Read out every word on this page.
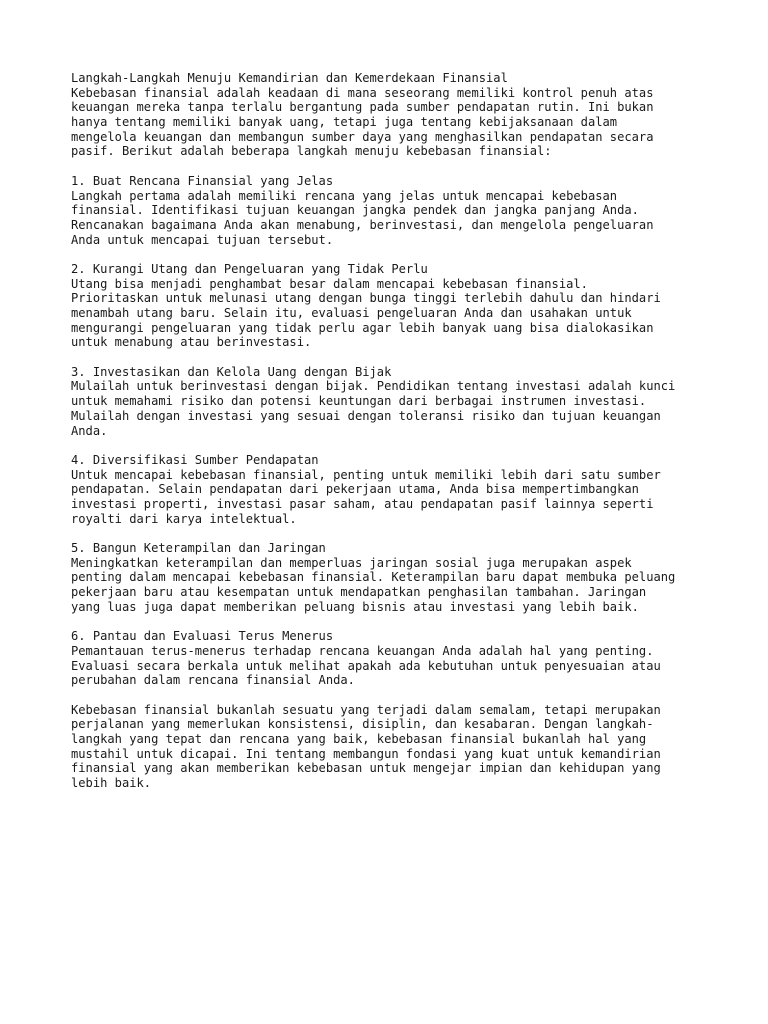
Langkah-Langkah Menuju Kemandirian dan Kemerdekaan Finansial
Kebebasan finansial adalah keadaan di mana seseorang memiliki kontrol penuh atas
keuangan mereka tanpa terlalu bergantung pada sumber pendapatan rutin. Ini bukan
hanya tentang memiliki banyak uang, tetapi juga tentang kebijaksanaan dalam
mengelola keuangan dan membangun sumber daya yang menghasilkan pendapatan secara
pasif. Berikut adalah beberapa langkah menuju kebebasan finansial:
1. Buat Rencana Finansial yang Jelas
Langkah pertama adalah memiliki rencana yang jelas untuk mencapai kebebasan
finansial. Identifikasi tujuan keuangan jangka pendek dan jangka panjang Anda.
Rencanakan bagaimana Anda akan menabung, berinvestasi, dan mengelola pengeluaran
Anda untuk mencapai tujuan tersebut.
2. Kurangi Utang dan Pengeluaran yang Tidak Perlu
Utang bisa menjadi penghambat besar dalam mencapai kebebasan finansial.
Prioritaskan untuk melunasi utang dengan bunga tinggi terlebih dahulu dan hindari
menambah utang baru. Selain itu, evaluasi pengeluaran Anda dan usahakan untuk
mengurangi pengeluaran yang tidak perlu agar lebih banyak uang bisa dialokasikan
untuk menabung atau berinvestasi.
3. Investasikan dan Kelola Uang dengan Bijak
Mulailah untuk berinvestasi dengan bijak. Pendidikan tentang investasi adalah kunci
untuk memahami risiko dan potensi keuntungan dari berbagai instrumen investasi.
Mulailah dengan investasi yang sesuai dengan toleransi risiko dan tujuan keuangan
Anda.
4. Diversifikasi Sumber Pendapatan
Untuk mencapai kebebasan finansial, penting untuk memiliki lebih dari satu sumber
pendapatan. Selain pendapatan dari pekerjaan utama, Anda bisa mempertimbangkan
investasi properti, investasi pasar saham, atau pendapatan pasif lainnya seperti
royalti dari karya intelektual.
5. Bangun Keterampilan dan Jaringan
Meningkatkan keterampilan dan memperluas jaringan sosial juga merupakan aspek
penting dalam mencapai kebebasan finansial. Keterampilan baru dapat membuka peluang
pekerjaan baru atau kesempatan untuk mendapatkan penghasilan tambahan. Jaringan
yang luas juga dapat memberikan peluang bisnis atau investasi yang lebih baik.
6. Pantau dan Evaluasi Terus Menerus
Pemantauan terus-menerus terhadap rencana keuangan Anda adalah hal yang penting.
Evaluasi secara berkala untuk melihat apakah ada kebutuhan untuk penyesuaian atau
perubahan dalam rencana finansial Anda.
Kebebasan finansial bukanlah sesuatu yang terjadi dalam semalam, tetapi merupakan
perjalanan yang memerlukan konsistensi, disiplin, dan kesabaran. Dengan langkah-
langkah yang tepat dan rencana yang baik, kebebasan finansial bukanlah hal yang
mustahil untuk dicapai. Ini tentang membangun fondasi yang kuat untuk kemandirian
finansial yang akan memberikan kebebasan untuk mengejar impian dan kehidupan yang
lebih baik.
